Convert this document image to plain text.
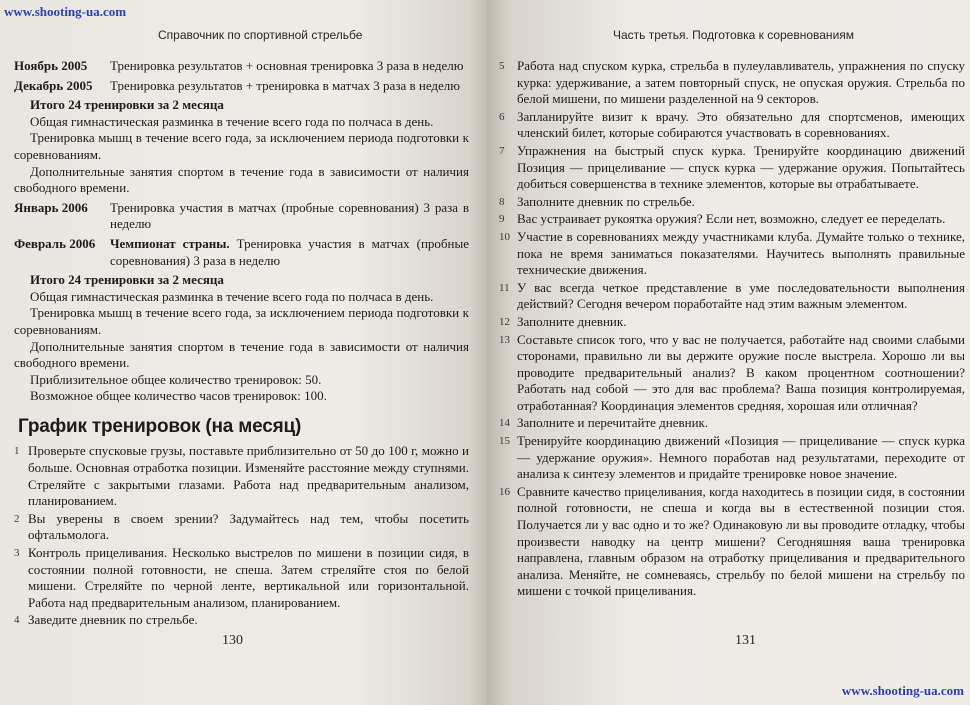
www.shooting-ua.com
Справочник по спортивной стрельбе
Ноябрь 2005	Тренировка результатов + основная тренировка 3 раза в неделю
Декабрь 2005	Тренировка результатов + тренировка в матчах 3 раза в неделю
Итого 24 тренировки за 2 месяца
Общая гимнастическая разминка в течение всего года по полчаса в день.
Тренировка мышц в течение всего года, за исключением периода подготовки к соревнованиям.
Дополнительные занятия спортом в течение года в зависимости от наличия свободного времени.
Январь 2006	Тренировка участия в матчах (пробные соревнования) 3 раза в неделю
Февраль 2006	Чемпионат страны. Тренировка участия в матчах (пробные соревнования) 3 раза в неделю
Итого 24 тренировки за 2 месяца
Общая гимнастическая разминка в течение всего года по полчаса в день.
Тренировка мышц в течение всего года, за исключением периода подготовки к соревнованиям.
Дополнительные занятия спортом в течение года в зависимости от наличия свободного времени.
Приблизительное общее количество тренировок: 50.
Возможное общее количество часов тренировок: 100.
График тренировок (на месяц)
1 Проверьте спусковые грузы, поставьте приблизительно от 50 до 100 г, можно и больше. Основная отработка позиции. Изменяйте расстояние между ступнями. Стреляйте с закрытыми глазами. Работа над предварительным анализом, планированием.
2 Вы уверены в своем зрении? Задумайтесь над тем, чтобы посетить офтальмолога.
3 Контроль прицеливания. Несколько выстрелов по мишени в позиции сидя, в состоянии полной готовности, не спеша. Затем стреляйте стоя по белой мишени. Стреляйте по черной ленте, вертикальной или горизонтальной. Работа над предварительным анализом, планированием.
4 Заведите дневник по стрельбе.
130
Часть третья. Подготовка к соревнованиям
5 Работа над спуском курка, стрельба в пулеулавливатель, упражнения по спуску курка: удерживание, а затем повторный спуск, не опуская оружия. Стрельба по белой мишени, по мишени разделенной на 9 секторов.
6 Запланируйте визит к врачу. Это обязательно для спортсменов, имеющих членский билет, которые собираются участвовать в соревнованиях.
7 Упражнения на быстрый спуск курка. Тренируйте координацию движений Позиция — прицеливание — спуск курка — удержание оружия. Попытайтесь добиться совершенства в технике элементов, которые вы отрабатываете.
8 Заполните дневник по стрельбе.
9 Вас устраивает рукоятка оружия? Если нет, возможно, следует ее переделать.
10 Участие в соревнованиях между участниками клуба. Думайте только о технике, пока не время заниматься показателями. Научитесь выполнять правильные технические движения.
11 У вас всегда четкое представление в уме последовательности выполнения действий? Сегодня вечером поработайте над этим важным элементом.
12 Заполните дневник.
13 Составьте список того, что у вас не получается, работайте над своими слабыми сторонами, правильно ли вы держите оружие после выстрела. Хорошо ли вы проводите предварительный анализ? В каком процентном соотношении? Работать над собой — это для вас проблема? Ваша позиция контролируемая, отработанная? Координация элементов средняя, хорошая или отличная?
14 Заполните и перечитайте дневник.
15 Тренируйте координацию движений «Позиция — прицеливание — спуск курка — удержание оружия». Немного поработав над результатами, переходите от анализа к синтезу элементов и придайте тренировке новое значение.
16 Сравните качество прицеливания, когда находитесь в позиции сидя, в состоянии полной готовности, не спеша и когда вы в естественной позиции стоя. Получается ли у вас одно и то же? Одинаковую ли вы проводите отладку, чтобы произвести наводку на центр мишени? Сегодняшняя ваша тренировка направлена, главным образом на отработку прицеливания и предварительного анализа. Меняйте, не сомневаясь, стрельбу по белой мишени на стрельбу по мишени с точкой прицеливания.
131
www.shooting-ua.com
